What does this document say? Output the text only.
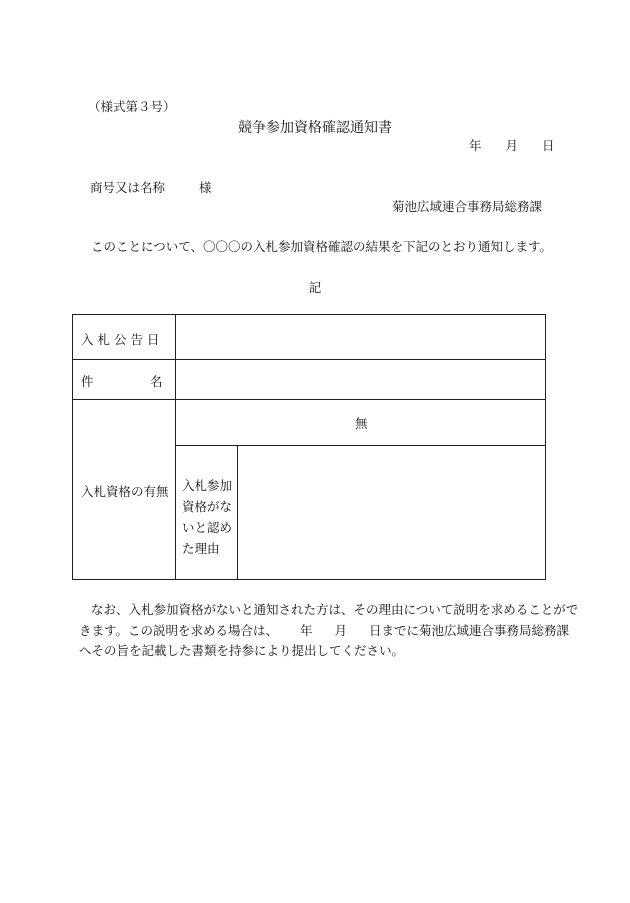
（様式第３号）
競争参加資格確認通知書
年 月 日
商号又は名称	様
菊池広域連合事務局総務課
このことについて、〇〇〇の入札参加資格確認の結果を下記のとおり通知します。
記
入 札 公 告 日
件	名
入札資格の有無
無
入札参加
資格がな
いと認め
た理由

なお、入札参加資格がないと通知された方は、その理由について説明を求めることがで

きます。この説明を求める場合は、 年 月 日までに菊池広域連合事務局総務課

へその旨を記載した書類を持参により提出してください。
